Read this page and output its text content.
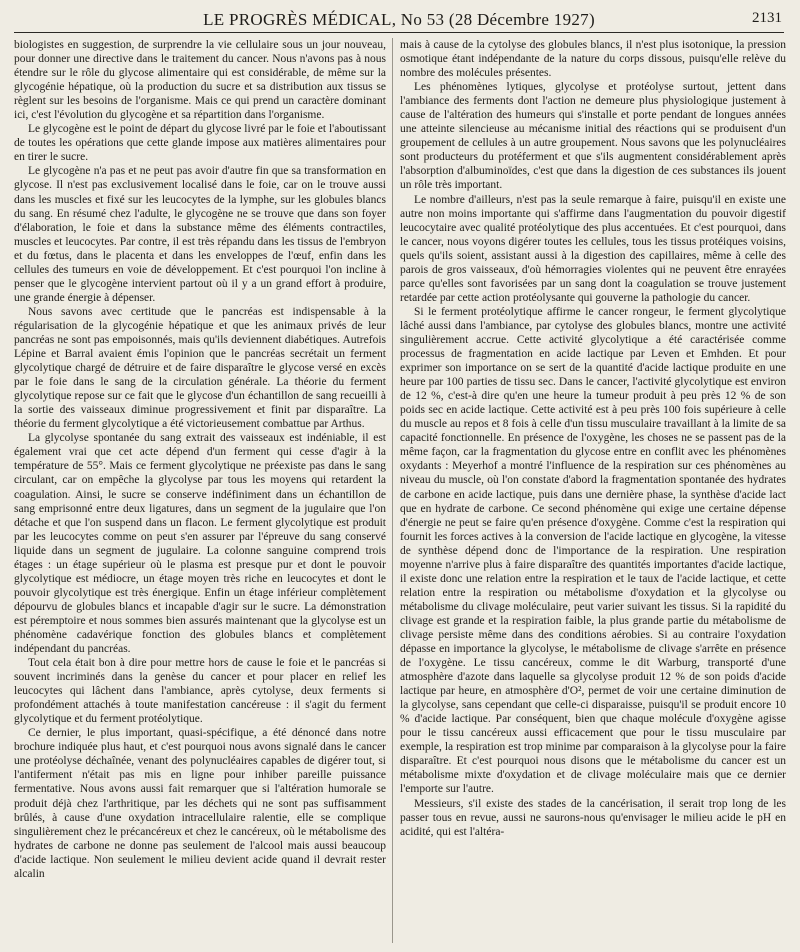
LE PROGRÈS MÉDICAL, No 53 (28 Décembre 1927)	2131

biologistes en suggestion, de surprendre la vie cellulaire sous un jour nouveau, pour donner une directive dans le traitement du cancer. Nous n'avons pas à nous étendre sur le rôle du glycose alimentaire qui est considérable, de même sur la glycogénie hépatique, où la production du sucre et sa distribution aux tissus se règlent sur les besoins de l'organisme. Mais ce qui prend un caractère dominant ici, c'est l'évolution du glycogène et sa répartition dans l'organisme.

Le glycogène est le point de départ du glycose livré par le foie et l'aboutissant de toutes les opérations que cette glande impose aux matières alimentaires pour en tirer le sucre.

Le glycogène n'a pas et ne peut pas avoir d'autre fin que sa transformation en glycose. Il n'est pas exclusivement localisé dans le foie, car on le trouve aussi dans les muscles et fixé sur les leucocytes de la lymphe, sur les globules blancs du sang. En résumé chez l'adulte, le glycogène ne se trouve que dans son foyer d'élaboration, le foie et dans la substance même des éléments contractiles, muscles et leucocytes. Par contre, il est très répandu dans les tissus de l'embryon et du fœtus, dans le placenta et dans les enveloppes de l'œuf, enfin dans les cellules des tumeurs en voie de développement. Et c'est pourquoi l'on incline à penser que le glycogène intervient partout où il y a un grand effort à produire, une grande énergie à dépenser.

Nous savons avec certitude que le pancréas est indispensable à la régularisation de la glycogénie hépatique et que les animaux privés de leur pancréas ne sont pas empoisonnés, mais qu'ils deviennent diabétiques. Autrefois Lépine et Barral avaient émis l'opinion que le pancréas secrétait un ferment glycolytique chargé de détruire et de faire disparaître le glycose versé en excès par le foie dans le sang de la circulation générale. La théorie du ferment glycolytique repose sur ce fait que le glycose d'un échantillon de sang recueilli à la sortie des vaisseaux diminue progressivement et finit par disparaître. La théorie du ferment glycolytique a été victorieusement combattue par Arthus.

La glycolyse spontanée du sang extrait des vaisseaux est indéniable, il est également vrai que cet acte dépend d'un ferment qui cesse d'agir à la température de 55°. Mais ce ferment glycolytique ne préexiste pas dans le sang circulant, car on empêche la glycolyse par tous les moyens qui retardent la coagulation. Ainsi, le sucre se conserve indéfiniment dans un échantillon de sang emprisonné entre deux ligatures, dans un segment de la jugulaire que l'on détache et que l'on suspend dans un flacon. Le ferment glycolytique est produit par les leucocytes comme on peut s'en assurer par l'épreuve du sang conservé liquide dans un segment de jugulaire. La colonne sanguine comprend trois étages : un étage supérieur où le plasma est presque pur et dont le pouvoir glycolytique est médiocre, un étage moyen très riche en leucocytes et dont le pouvoir glycolytique est très énergique. Enfin un étage inférieur complètement dépourvu de globules blancs et incapable d'agir sur le sucre. La démonstration est péremptoire et nous sommes bien assurés maintenant que la glycolyse est un phénomène cadavérique fonction des globules blancs et complètement indépendant du pancréas.

Tout cela était bon à dire pour mettre hors de cause le foie et le pancréas si souvent incriminés dans la genèse du cancer et pour placer en relief les leucocytes qui lâchent dans l'ambiance, après cytolyse, deux ferments si profondément attachés à toute manifestation cancéreuse : il s'agit du ferment glycolytique et du ferment protéolytique.

Ce dernier, le plus important, quasi-spécifique, a été dénoncé dans notre brochure indiquée plus haut, et c'est pourquoi nous avons signalé dans le cancer une protéolyse déchaînée, venant des polynucléaires capables de digérer tout, si l'antiferment n'était pas mis en ligne pour inhiber pareille puissance fermentative. Nous avons aussi fait remarquer que si l'altération humorale se produit déjà chez l'arthritique, par les déchets qui ne sont pas suffisamment brûlés, à cause d'une oxydation intracellulaire ralentie, elle se complique singulièrement chez le précancéreux et chez le cancéreux, où le métabolisme des hydrates de carbone ne donne pas seulement de l'alcool mais aussi beaucoup d'acide lactique. Non seulement le milieu devient acide quand il devrait rester alcalin

mais à cause de la cytolyse des globules blancs, il n'est plus isotonique, la pression osmotique étant indépendante de la nature du corps dissous, puisqu'elle relève du nombre des molécules présentes.

Les phénomènes lytiques, glycolyse et protéolyse surtout, jettent dans l'ambiance des ferments dont l'action ne demeure plus physiologique justement à cause de l'altération des humeurs qui s'installe et porte pendant de longues années une atteinte silencieuse au mécanisme initial des réactions qui se produisent d'un groupement de cellules à un autre groupement. Nous savons que les polynucléaires sont producteurs du protéferment et que s'ils augmentent considérablement après l'absorption d'albuminoïdes, c'est que dans la digestion de ces substances ils jouent un rôle très important.

Le nombre d'ailleurs, n'est pas la seule remarque à faire, puisqu'il en existe une autre non moins importante qui s'affirme dans l'augmentation du pouvoir digestif leucocytaire avec qualité protéolytique des plus accentuées. Et c'est pourquoi, dans le cancer, nous voyons digérer toutes les cellules, tous les tissus protéiques voisins, quels qu'ils soient, assistant aussi à la digestion des capillaires, même à celle des parois de gros vaisseaux, d'où hémorragies violentes qui ne peuvent être enrayées parce qu'elles sont favorisées par un sang dont la coagulation se trouve justement retardée par cette action protéolysante qui gouverne la pathologie du cancer.

Si le ferment protéolytique affirme le cancer rongeur, le ferment glycolytique lâché aussi dans l'ambiance, par cytolyse des globules blancs, montre une activité singulièrement accrue. Cette activité glycolytique a été caractérisée comme processus de fragmentation en acide lactique par Leven et Emhden. Et pour exprimer son importance on se sert de la quantité d'acide lactique produite en une heure par 100 parties de tissu sec. Dans le cancer, l'activité glycolytique est environ de 12 %, c'est-à dire qu'en une heure la tumeur produit à peu près 12 % de son poids sec en acide lactique. Cette activité est à peu près 100 fois supérieure à celle du muscle au repos et 8 fois à celle d'un tissu musculaire travaillant à la limite de sa capacité fonctionnelle. En présence de l'oxygène, les choses ne se passent pas de la même façon, car la fragmentation du glycose entre en conflit avec les phénomènes oxydants : Meyerhof a montré l'influence de la respiration sur ces phénomènes au niveau du muscle, où l'on constate d'abord la fragmentation spontanée des hydrates de carbone en acide lactique, puis dans une dernière phase, la synthèse d'acide lact que en hydrate de carbone. Ce second phénomène qui exige une certaine dépense d'énergie ne peut se faire qu'en présence d'oxygène. Comme c'est la respiration qui fournit les forces actives à la conversion de l'acide lactique en glycogène, la vitesse de synthèse dépend donc de l'importance de la respiration. Une respiration moyenne n'arrive plus à faire disparaître des quantités importantes d'acide lactique, il existe donc une relation entre la respiration et le taux de l'acide lactique, et cette relation entre la respiration ou métabolisme d'oxydation et la glycolyse ou métabolisme du clivage moléculaire, peut varier suivant les tissus. Si la rapidité du clivage est grande et la respiration faible, la plus grande partie du métabolisme de clivage persiste même dans des conditions aérobies. Si au contraire l'oxydation dépasse en importance la glycolyse, le métabolisme de clivage s'arrête en présence de l'oxygène. Le tissu cancéreux, comme le dit Warburg, transporté d'une atmosphère d'azote dans laquelle sa glycolyse produit 12 % de son poids d'acide lactique par heure, en atmosphère d'O², permet de voir une certaine diminution de la glycolyse, sans cependant que celle-ci disparaisse, puisqu'il se produit encore 10 % d'acide lactique. Par conséquent, bien que chaque molécule d'oxygène agisse pour le tissu cancéreux aussi efficacement que pour le tissu musculaire par exemple, la respiration est trop minime par comparaison à la glycolyse pour la faire disparaître. Et c'est pourquoi nous disons que le métabolisme du cancer est un métabolisme mixte d'oxydation et de clivage moléculaire mais que ce dernier l'emporte sur l'autre.

Messieurs, s'il existe des stades de la cancérisation, il serait trop long de les passer tous en revue, aussi ne saurons-nous qu'envisager le milieu acide le pH en acidité, qui est l'altéra-
